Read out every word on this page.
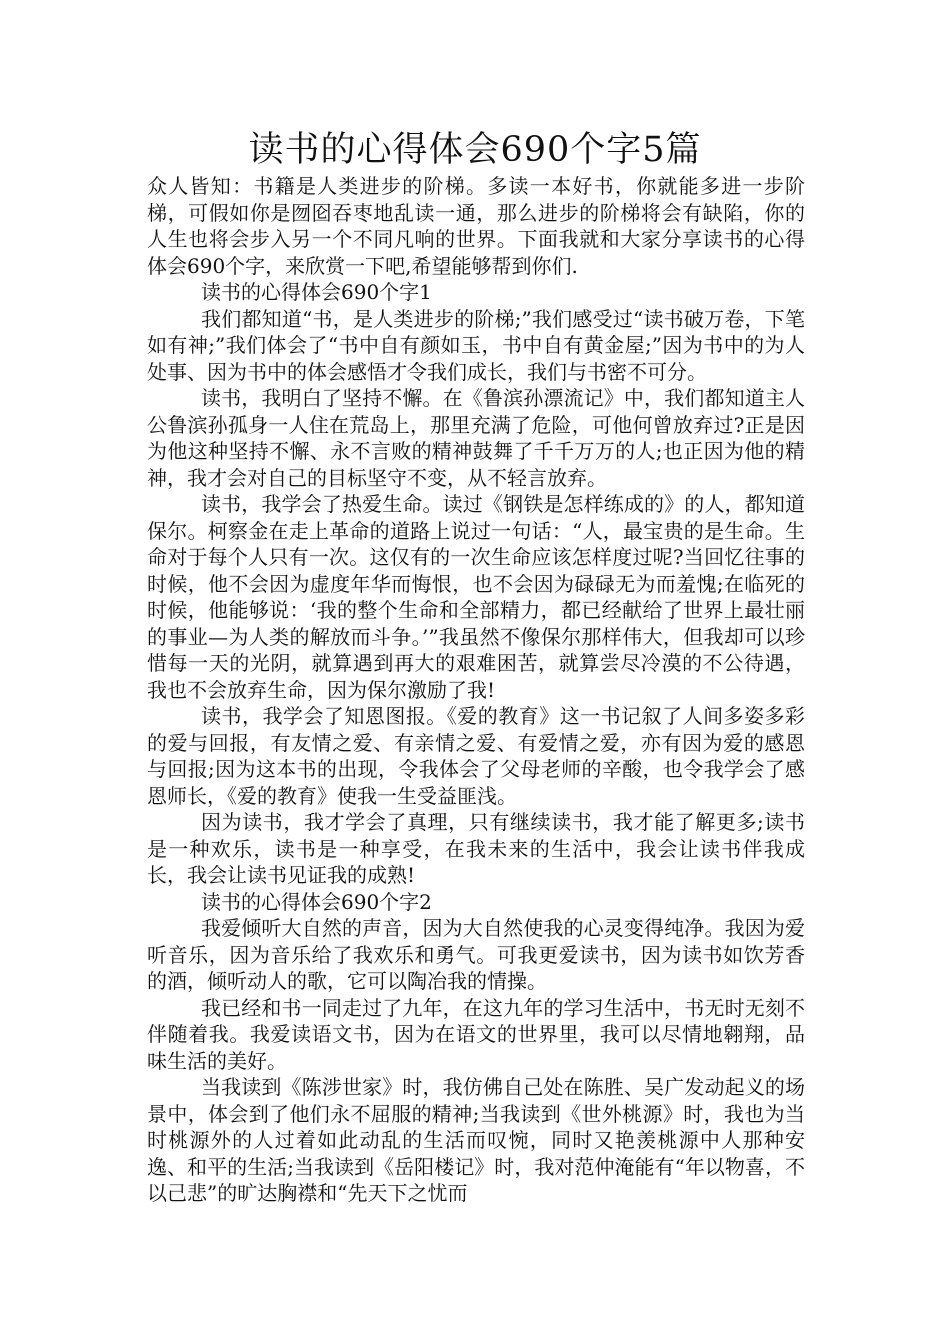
读书的心得体会690个字5篇

众人皆知：书籍是人类进步的阶梯。多读一本好书，你就能多进一步阶梯，可假如你是囫囵吞枣地乱读一通，那么进步的阶梯将会有缺陷，你的人生也将会步入另一个不同凡响的世界。下面我就和大家分享读书的心得体会690个字，来欣赏一下吧,希望能够帮到你们.

读书的心得体会690个字1

我们都知道“书，是人类进步的阶梯;”我们感受过“读书破万卷，下笔如有神;”我们体会了“书中自有颜如玉，书中自有黄金屋;”因为书中的为人处事、因为书中的体会感悟才令我们成长，我们与书密不可分。

读书，我明白了坚持不懈。在《鲁滨孙漂流记》中，我们都知道主人公鲁滨孙孤身一人住在荒岛上，那里充满了危险，可他何曾放弃过?正是因为他这种坚持不懈、永不言败的精神鼓舞了千千万万的人;也正因为他的精神，我才会对自己的目标坚守不变，从不轻言放弃。

读书，我学会了热爱生命。读过《钢铁是怎样练成的》的人，都知道保尔。柯察金在走上革命的道路上说过一句话：“人，最宝贵的是生命。生命对于每个人只有一次。这仅有的一次生命应该怎样度过呢?当回忆往事的时候，他不会因为虚度年华而悔恨，也不会因为碌碌无为而羞愧;在临死的时候，他能够说：‘我的整个生命和全部精力，都已经献给了世界上最壮丽的事业—为人类的解放而斗争。’”我虽然不像保尔那样伟大，但我却可以珍惜每一天的光阴，就算遇到再大的艰难困苦，就算尝尽冷漠的不公待遇，我也不会放弃生命，因为保尔激励了我!

读书，我学会了知恩图报。《爱的教育》这一书记叙了人间多姿多彩的爱与回报，有友情之爱、有亲情之爱、有爱情之爱，亦有因为爱的感恩与回报;因为这本书的出现，令我体会了父母老师的辛酸，也令我学会了感恩师长，《爱的教育》使我一生受益匪浅。

因为读书，我才学会了真理，只有继续读书，我才能了解更多;读书是一种欢乐，读书是一种享受，在我未来的生活中，我会让读书伴我成长，我会让读书见证我的成熟!

读书的心得体会690个字2

我爱倾听大自然的声音，因为大自然使我的心灵变得纯净。我因为爱听音乐，因为音乐给了我欢乐和勇气。可我更爱读书，因为读书如饮芳香的酒，倾听动人的歌，它可以陶冶我的情操。

我已经和书一同走过了九年，在这九年的学习生活中，书无时无刻不伴随着我。我爱读语文书，因为在语文的世界里，我可以尽情地翱翔，品味生活的美好。

当我读到《陈涉世家》时，我仿佛自己处在陈胜、吴广发动起义的场景中，体会到了他们永不屈服的精神;当我读到《世外桃源》时，我也为当时桃源外的人过着如此动乱的生活而叹惋，同时又艳羡桃源中人那种安逸、和平的生活;当我读到《岳阳楼记》时，我对范仲淹能有“年以物喜，不以己悲”的旷达胸襟和“先天下之忧而
